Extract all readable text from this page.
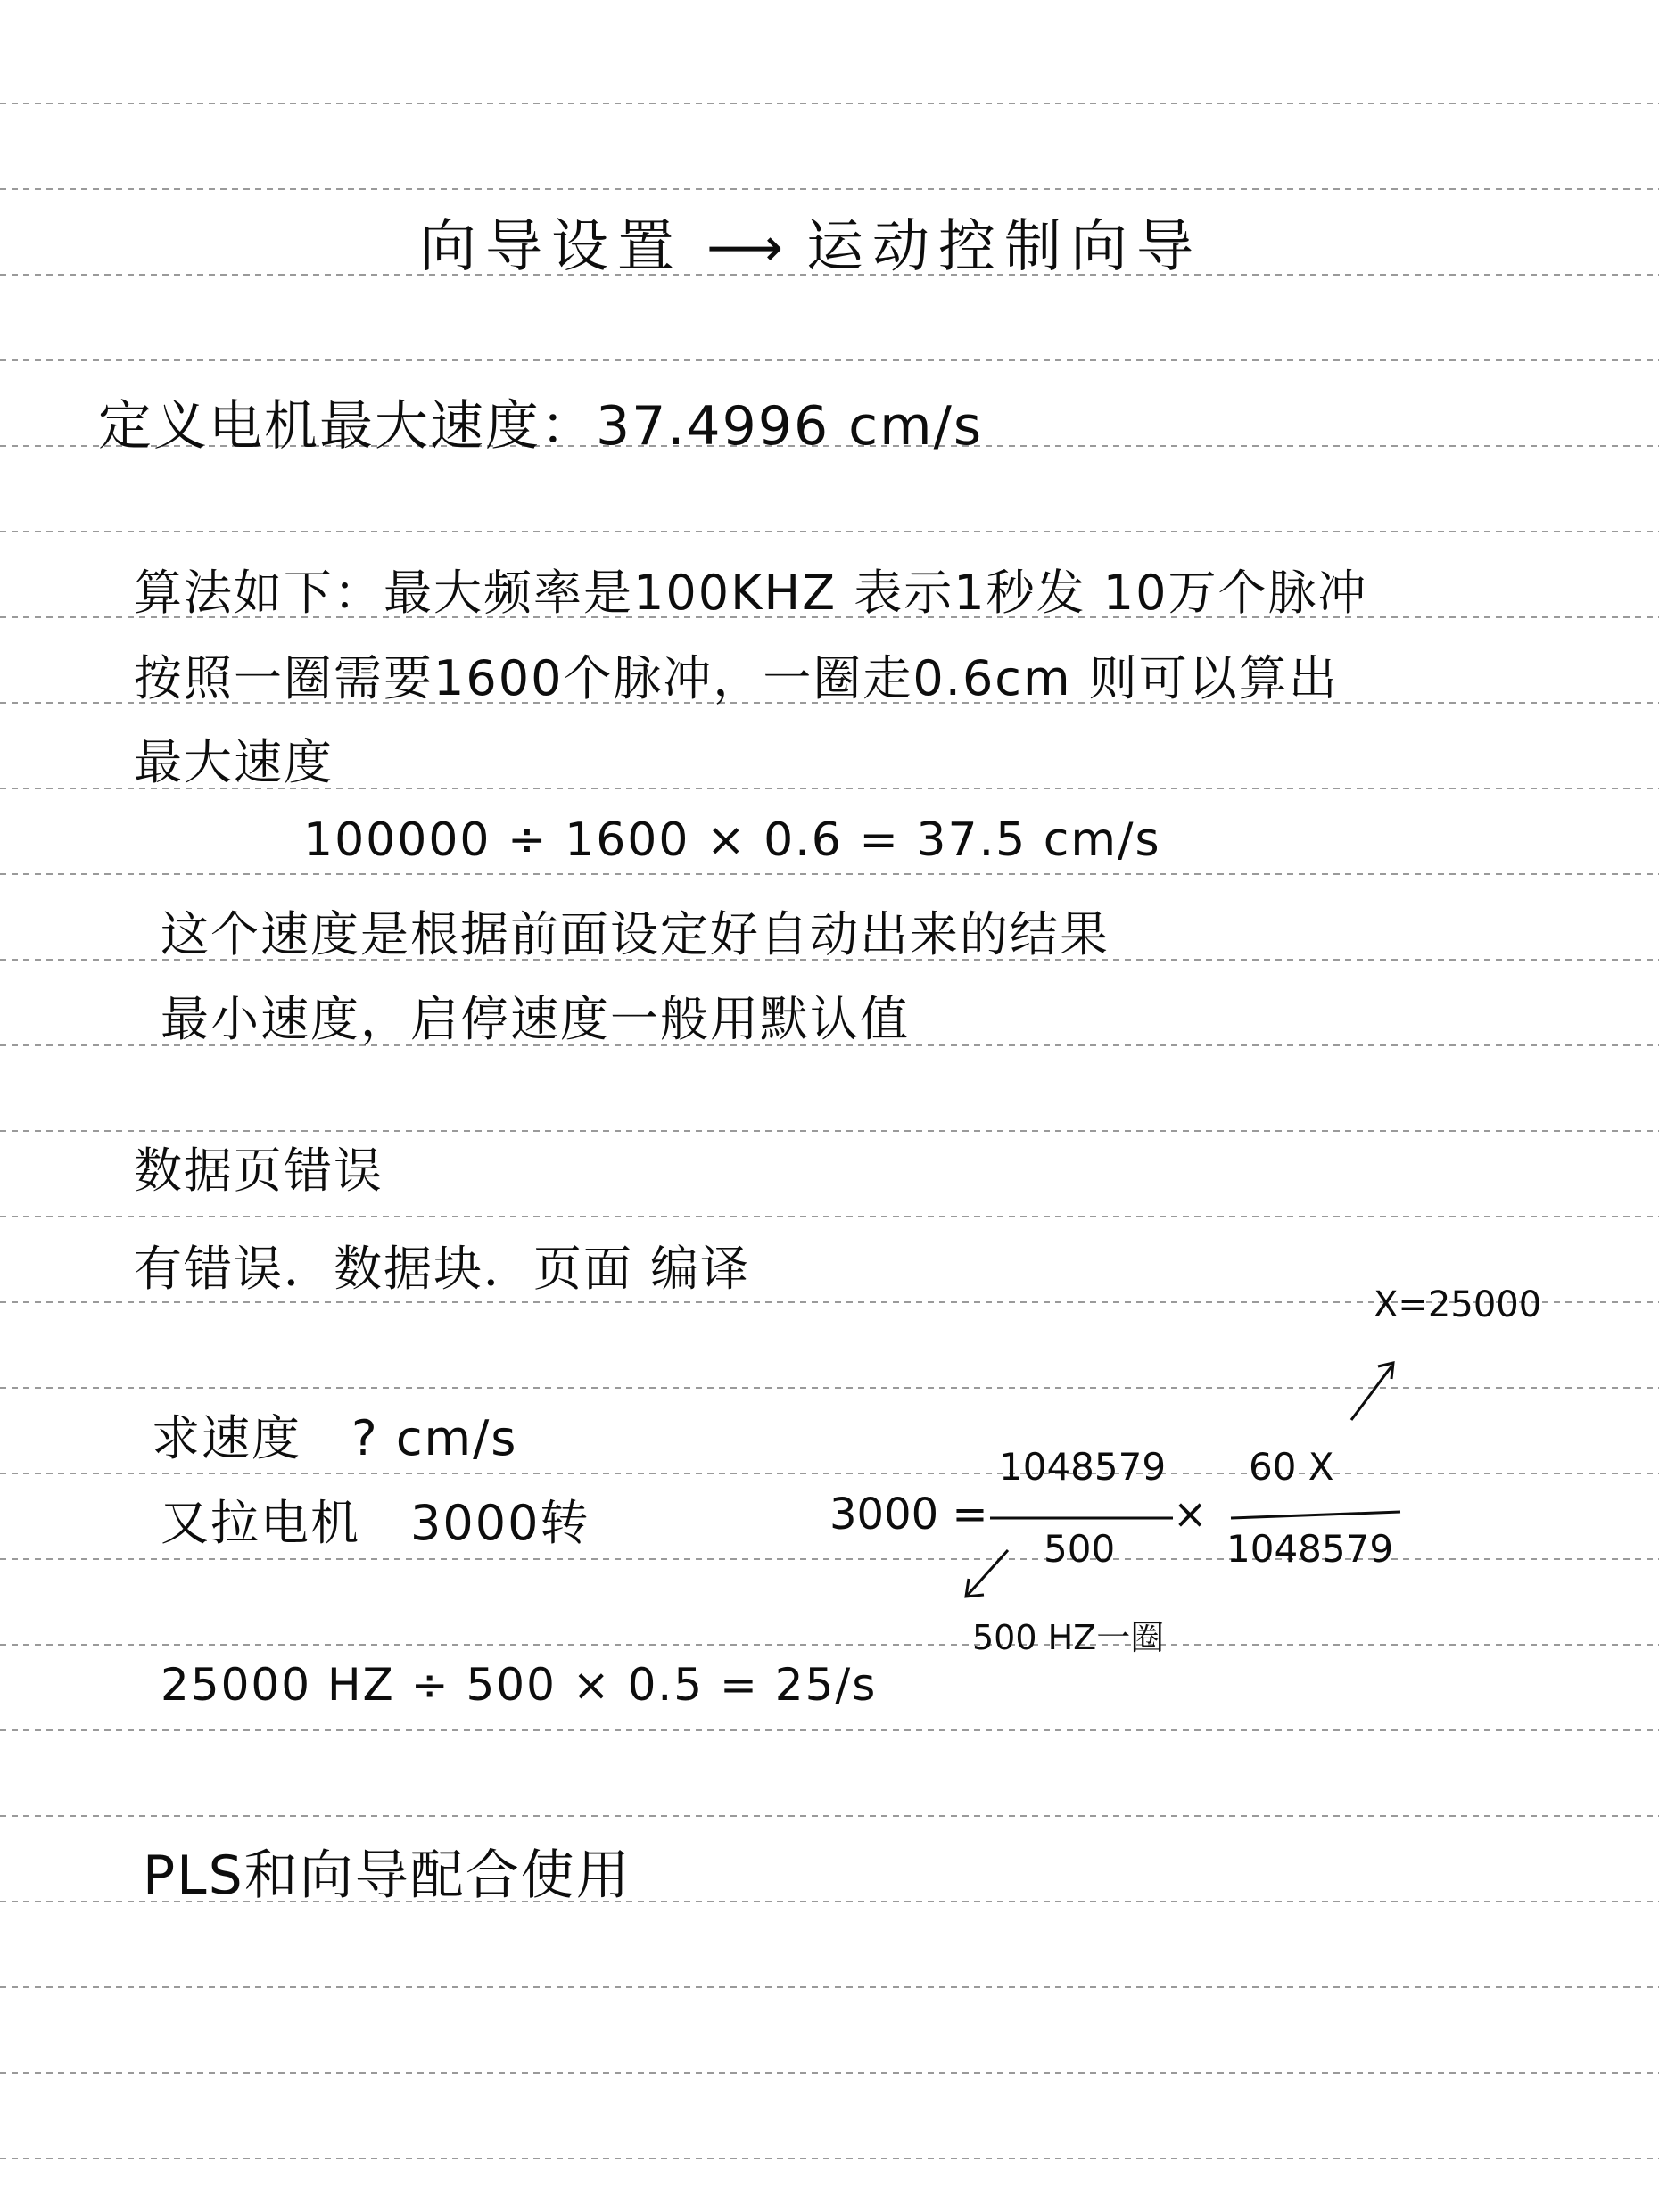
向导设置 ⟶ 运动控制向导
定义电机最大速度：37.4996 cm/s
算法如下：最大频率是100KHZ 表示1秒发 10万个脉冲
按照一圈需要1600个脉冲，一圈走0.6cm 则可以算出
最大速度
100000 ÷ 1600 × 0.6 = 37.5 cm/s
这个速度是根据前面设定好自动出来的结果
最小速度，启停速度一般用默认值
数据页错误
有错误．数据块．页面 编译
求速度　? cm/s
又拉电机　3000转
25000 HZ ÷ 500 × 0.5 = 25/s
PLS和向导配合使用
X=25000
3000 =
1048579
500
×
60 X
1048579
500 HZ一圈
